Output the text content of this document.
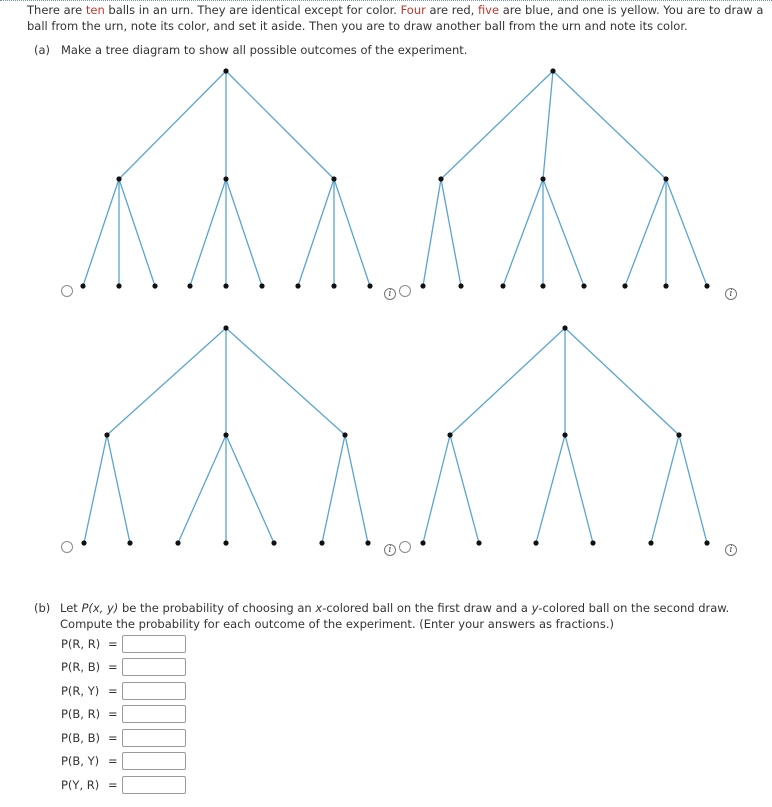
There are ten balls in an urn. They are identical except for color. Four are red, five are blue, and one is yellow. You are to draw a ball from the urn, note its color, and set it aside. Then you are to draw another ball from the urn and note its color.
(a) Make a tree diagram to show all possible outcomes of the experiment.
i	i
i	i
(b) Let P(x, y) be the probability of choosing an x-colored ball on the first draw and a y-colored ball on the second draw. Compute the probability for each outcome of the experiment. (Enter your answers as fractions.)
P(R, R) =
P(R, B) =
P(R, Y) =
P(B, R) =
P(B, B) =
P(B, Y) =
P(Y, R) =
